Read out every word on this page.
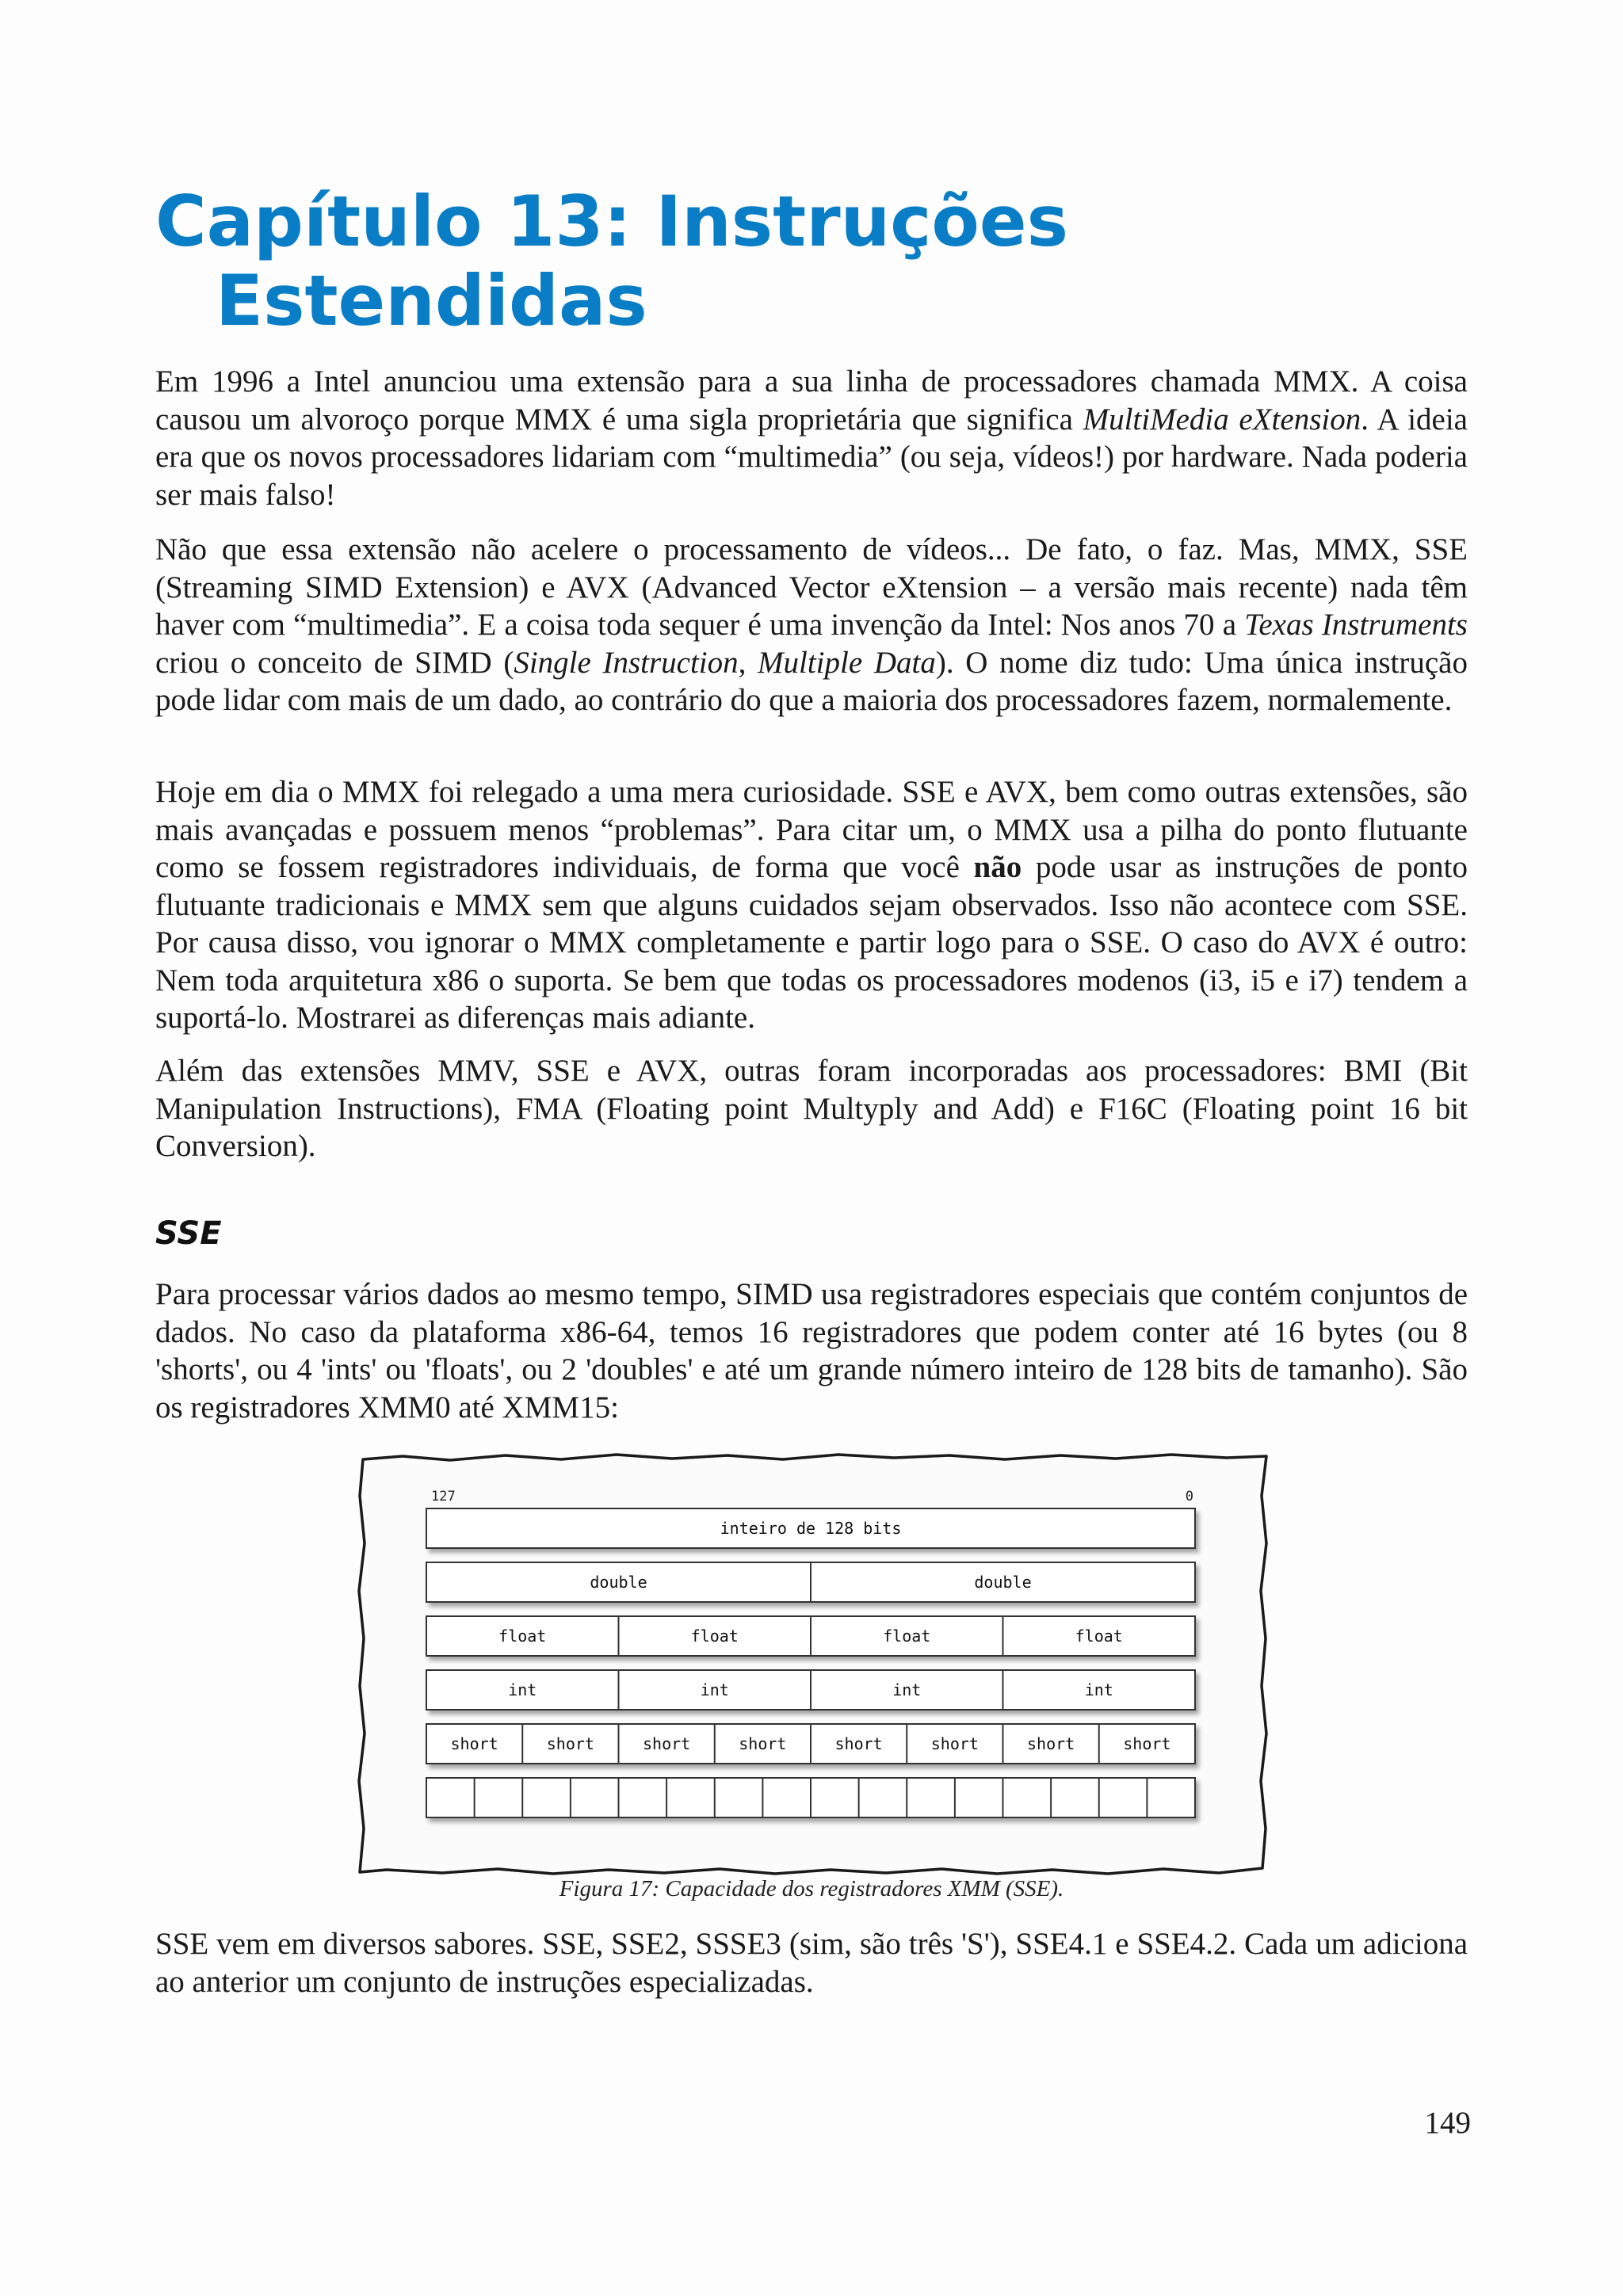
Capítulo 13: Instruções
Estendidas

Em 1996 a Intel anunciou uma extensão para a sua linha de processadores chamada MMX. A coisa causou um alvoroço porque MMX é uma sigla proprietária que significa MultiMedia eXtension. A ideia era que os novos processadores lidariam com “multimedia” (ou seja, vídeos!) por hardware. Nada poderia ser mais falso!

Não que essa extensão não acelere o processamento de vídeos... De fato, o faz. Mas, MMX, SSE (Streaming SIMD Extension) e AVX (Advanced Vector eXtension – a versão mais recente) nada têm haver com “multimedia”. E a coisa toda sequer é uma invenção da Intel: Nos anos 70 a Texas Instruments criou o conceito de SIMD (Single Instruction, Multiple Data). O nome diz tudo: Uma única instrução pode lidar com mais de um dado, ao contrário do que a maioria dos processadores fazem, normalemente.

Hoje em dia o MMX foi relegado a uma mera curiosidade. SSE e AVX, bem como outras extensões, são mais avançadas e possuem menos “problemas”. Para citar um, o MMX usa a pilha do ponto flutuante como se fossem registradores individuais, de forma que você não pode usar as instruções de ponto flutuante tradicionais e MMX sem que alguns cuidados sejam observados. Isso não acontece com SSE. Por causa disso, vou ignorar o MMX completamente e partir logo para o SSE. O caso do AVX é outro: Nem toda arquitetura x86 o suporta. Se bem que todas os processadores modenos (i3, i5 e i7) tendem a suportá-lo. Mostrarei as diferenças mais adiante.

Além das extensões MMV, SSE e AVX, outras foram incorporadas aos processadores: BMI (Bit Manipulation Instructions), FMA (Floating point Multyply and Add) e F16C (Floating point 16 bit Conversion).

SSE

Para processar vários dados ao mesmo tempo, SIMD usa registradores especiais que contém conjuntos de dados. No caso da plataforma x86-64, temos 16 registradores que podem conter até 16 bytes (ou 8 'shorts', ou 4 'ints' ou 'floats', ou 2 'doubles' e até um grande número inteiro de 128 bits de tamanho). São os registradores XMM0 até XMM15:

127	0
inteiro de 128 bits
double	double
float	float	float	float
int	int	int	int
short	short	short	short	short	short	short	short
Figura 17: Capacidade dos registradores XMM (SSE).

SSE vem em diversos sabores. SSE, SSE2, SSSE3 (sim, são três 'S'), SSE4.1 e SSE4.2. Cada um adiciona ao anterior um conjunto de instruções especializadas.

149
